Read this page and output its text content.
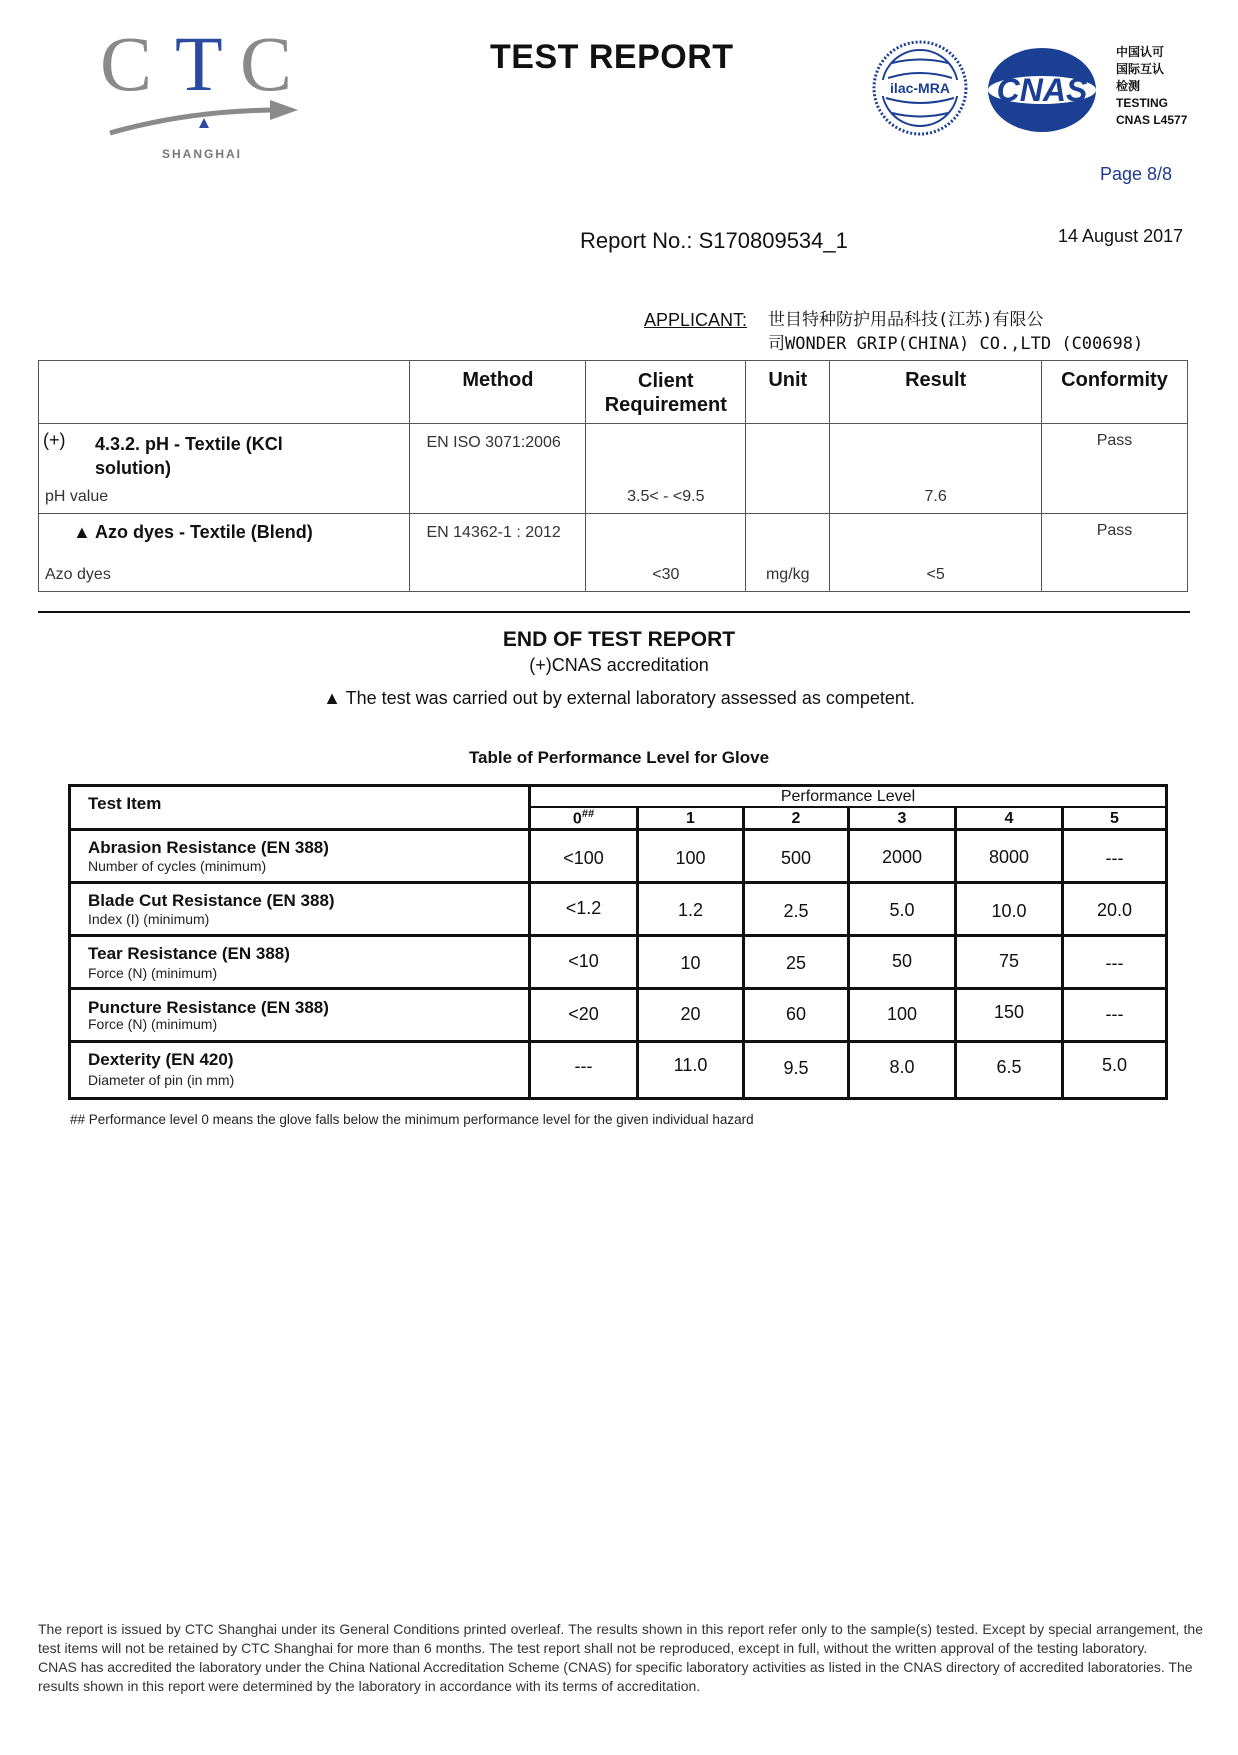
C T C
SHANGHAI
TEST REPORT
ilac-MRA CNAS
中国认可
国际互认
检测
TESTING
CNAS L4577
Page 8/8
Report No.: S170809534_1	14 August 2017
APPLICANT: 世目特种防护用品科技(江苏)有限公
司WONDER GRIP(CHINA) CO.,LTD (C00698)
	Method	Client Requirement	Unit	Result	Conformity

(+) 4.3.2. pH - Textile (KCl solution)
pH value	EN ISO 3071:2006	3.5< - <9.5		7.6	Pass

▲ Azo dyes - Textile (Blend)
Azo dyes	EN 14362-1 : 2012	<30	mg/kg	<5	Pass
END OF TEST REPORT
(+)CNAS accreditation
▲ The test was carried out by external laboratory assessed as competent.
Table of Performance Level for Glove
Test Item	Performance Level
0##	1	2	3	4	5
Abrasion Resistance (EN 388)
Number of cycles (minimum)	<100	100	500	2000	8000	---
Blade Cut Resistance (EN 388)
Index (I) (minimum)
<1.2	1.2	2.5	5.0	10.0	20.0
Tear Resistance (EN 388)
Force (N) (minimum)
<10	10	25	50	75	---
Puncture Resistance (EN 388)
Force (N) (minimum)	<20	20	60	100	150	---
Dexterity (EN 420)
Diameter of pin (in mm)
---	11.0	9.5	8.0	6.5	5.0
## Performance level 0 means the glove falls below the minimum performance level for the given individual hazard

The report is issued by CTC Shanghai under its General Conditions printed overleaf. The results shown in this report refer only to the sample(s) tested. Except by special arrangement, the test items will not be retained by CTC Shanghai for more than 6 months. The test report shall not be reproduced, except in full, without the written approval of the testing laboratory.

CNAS has accredited the laboratory under the China National Accreditation Scheme (CNAS) for specific laboratory activities as listed in the CNAS directory of accredited laboratories. The results shown in this report were determined by the laboratory in accordance with its terms of accreditation.
